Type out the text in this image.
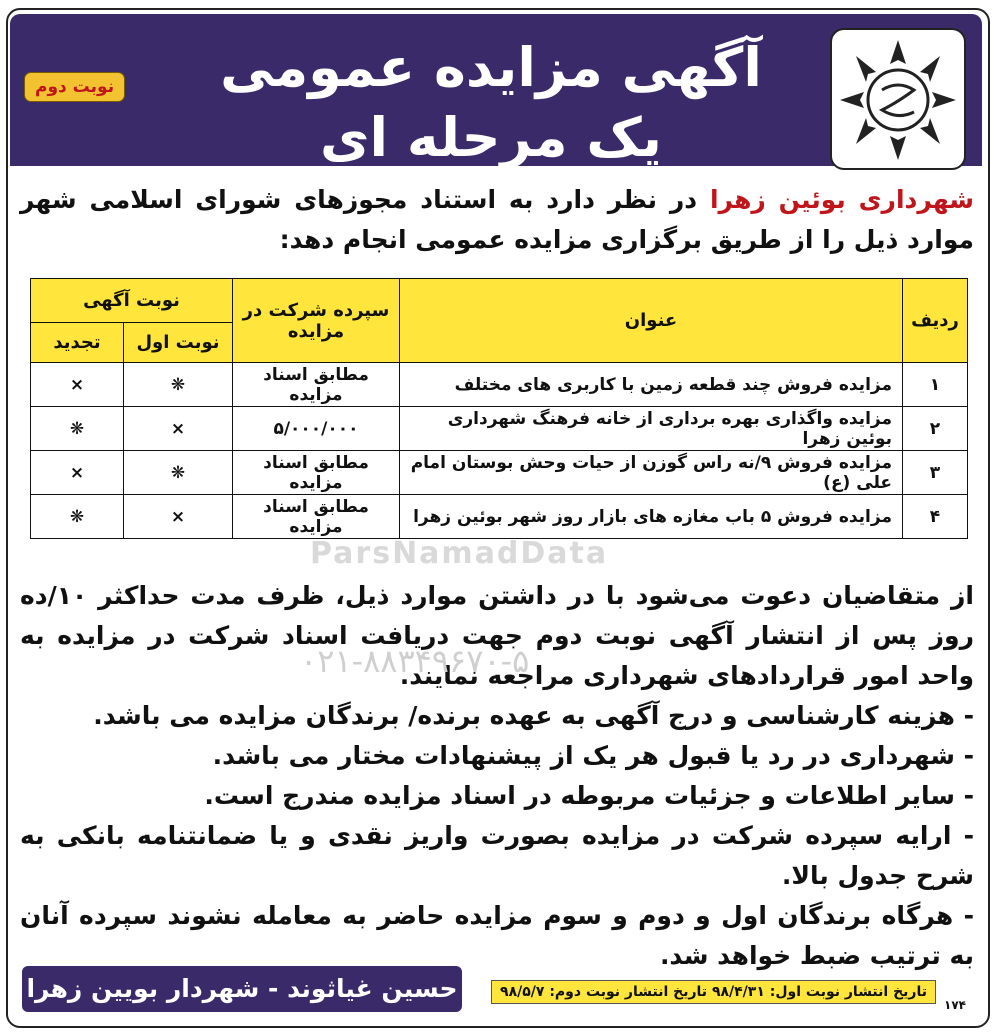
آگهی مزایده عمومی
یک مرحله ای
نوبت دوم
شهرداری بوئین زهرا در نظر دارد به استناد مجوزهای شورای اسلامی شهر موارد ذیل را از طریق برگزاری مزایده عمومی انجام دهد:
ردیف	عنوان	سپرده شرکت در مزایده	نوبت آگهی	
			نوبت اول	تجدید
۱	مزایده فروش چند قطعه زمین با کاربری های مختلف	مطابق اسناد مزایده	❋	×
۲	مزایده واگذاری بهره برداری از خانه فرهنگ شهرداری بوئین زهرا	۵/۰۰۰/۰۰۰	×	❋
۳	مزایده فروش ۹/نه راس گوزن از حیات وحش بوستان امام علی (ع)	مطابق اسناد مزایده	❋	×
۴	مزایده فروش ۵ باب مغازه های بازار روز شهر بوئین زهرا	مطابق اسناد مزایده	×	❋
ParsNamadData

از متقاضیان دعوت می‌شود با در داشتن موارد ذیل، ظرف مدت حداکثر ۱۰/ده روز پس از انتشار آگهی نوبت دوم جهت دریافت اسناد شرکت در مزایده به واحد امور قراردادهای شهرداری مراجعه نمایند.

- هزینه کارشناسی و درج آگهی به عهده برنده/ برندگان مزایده می باشد.

- شهرداری در رد یا قبول هر یک از پیشنهادات مختار می باشد.

- سایر اطلاعات و جزئیات مربوطه در اسناد مزایده مندرج است.

- ارایه سپرده شرکت در مزایده بصورت واریز نقدی و یا ضمانتنامه بانکی به شرح جدول بالا.

- هرگاه برندگان اول و دوم و سوم مزایده حاضر به معامله نشوند سپرده آنان به ترتیب ضبط خواهد شد.

۰۲۱-۸۸۳۴۹۶۷۰-۵
حسین غیاثوند - شهردار بویین زهرا	تاریخ انتشار نوبت اول: ۹۸/۴/۳۱ تاریخ انتشار نوبت دوم: ۹۸/۵/۷
۱۷۴
